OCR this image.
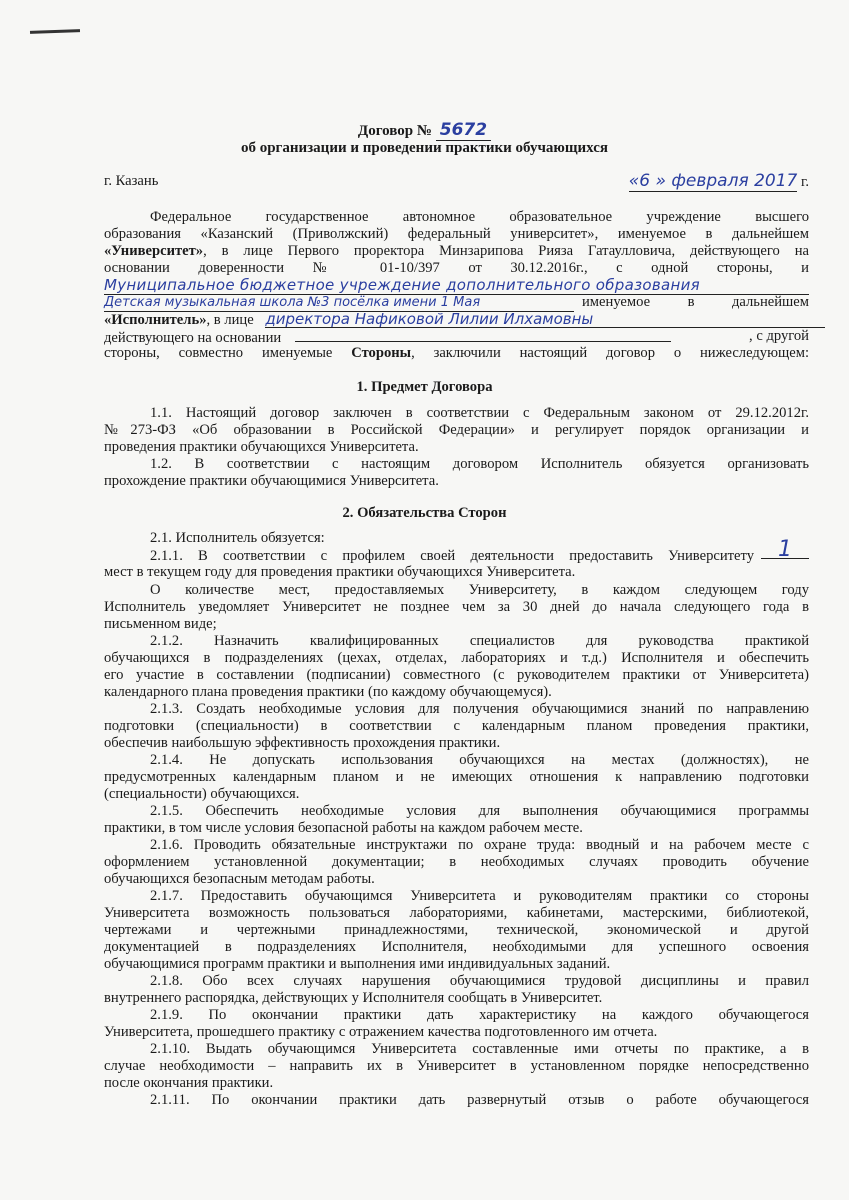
Договор № 5672
об организации и проведении практики обучающихся
г. Казань	«6 » февраля 2017 г.
Федеральное государственное автономное образовательное учреждение высшего
образования «Казанский (Приволжский) федеральный университет», именуемое в дальнейшем
«Университет», в лице Первого проректора Минзарипова Рияза Гатаулловича, действующего на
основании доверенности № 01-10/397 от 30.12.2016г., с одной стороны, и
Муниципальное бюджетное учреждение дополнительного образования
Детская музыкальная школа №3 посёлка имени 1 Мая	именуемое в дальнейшем
«Исполнитель», в лице директора Нафиковой Лилии Илхамовны
действующего на основании	, с другой
стороны, совместно именуемые Стороны, заключили настоящий договор о нижеследующем:
1. Предмет Договора
1.1. Настоящий договор заключен в соответствии с Федеральным законом от 29.12.2012г.
№273-ФЗ «Об образовании в Российской Федерации» и регулирует порядок организации и
проведения практики обучающихся Университета.
1.2. В соответствии с настоящим договором Исполнитель обязуется организовать
прохождение практики обучающимися Университета.
2. Обязательства Сторон
2.1. Исполнитель обязуется:
2.1.1. В соответствии с профилем своей деятельности предоставить Университету	1
мест в текущем году для проведения практики обучающихся Университета.
О количестве мест, предоставляемых Университету, в каждом следующем году
Исполнитель уведомляет Университет не позднее чем за 30 дней до начала следующего года в
письменном виде;
2.1.2. Назначить квалифицированных специалистов для руководства практикой
обучающихся в подразделениях (цехах, отделах, лабораториях и т.д.) Исполнителя и обеспечить
его участие в составлении (подписании) совместного (с руководителем практики от Университета)
календарного плана проведения практики (по каждому обучающемуся).
2.1.3. Создать необходимые условия для получения обучающимися знаний по направлению
подготовки (специальности) в соответствии с календарным планом проведения практики,
обеспечив наибольшую эффективность прохождения практики.
2.1.4. Не допускать использования обучающихся на местах (должностях), не
предусмотренных календарным планом и не имеющих отношения к направлению подготовки
(специальности) обучающихся.
2.1.5. Обеспечить необходимые условия для выполнения обучающимися программы
практики, в том числе условия безопасной работы на каждом рабочем месте.
2.1.6. Проводить обязательные инструктажи по охране труда: вводный и на рабочем месте с
оформлением установленной документации; в необходимых случаях проводить обучение
обучающихся безопасным методам работы.
2.1.7. Предоставить обучающимся Университета и руководителям практики со стороны
Университета возможность пользоваться лабораториями, кабинетами, мастерскими, библиотекой,
чертежами и чертежными принадлежностями, технической, экономической и другой
документацией в подразделениях Исполнителя, необходимыми для успешного освоения
обучающимися программ практики и выполнения ими индивидуальных заданий.
2.1.8. Обо всех случаях нарушения обучающимися трудовой дисциплины и правил
внутреннего распорядка, действующих у Исполнителя сообщать в Университет.
2.1.9. По окончании практики дать характеристику на каждого обучающегося
Университета, прошедшего практику с отражением качества подготовленного им отчета.
2.1.10. Выдать обучающимся Университета составленные ими отчеты по практике, а в
случае необходимости – направить их в Университет в установленном порядке непосредственно
после окончания практики.
2.1.11. По окончании практики дать развернутый отзыв о работе обучающегося
